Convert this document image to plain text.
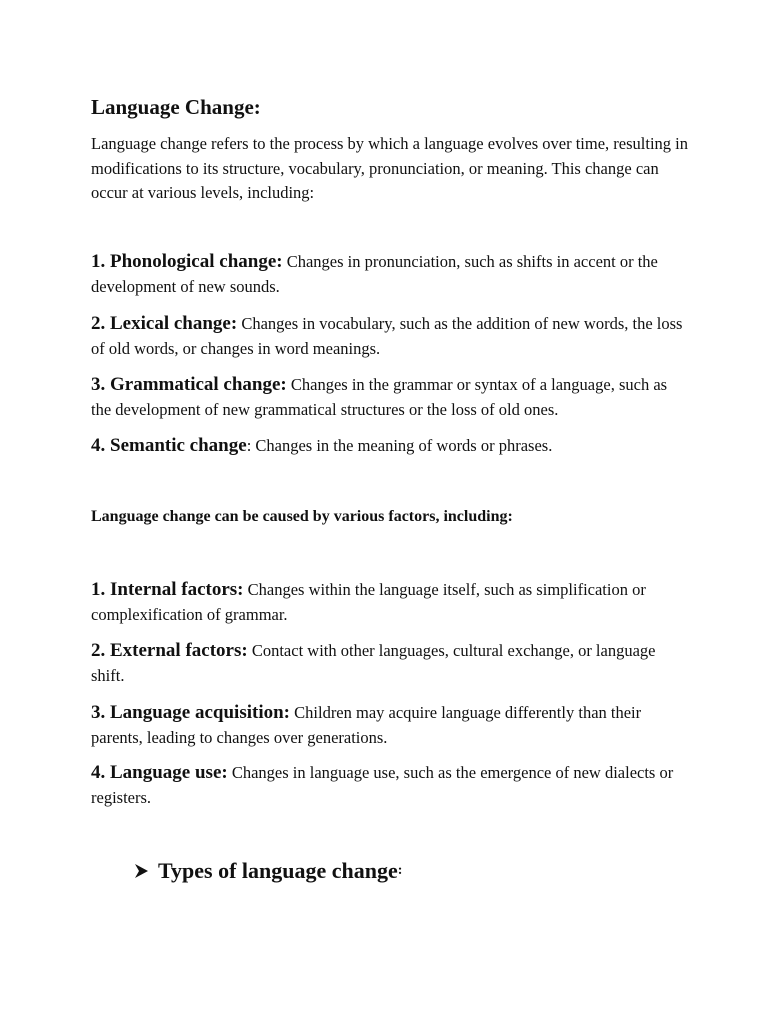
Language Change:

Language change refers to the process by which a language evolves over time, resulting in modifications to its structure, vocabulary, pronunciation, or meaning. This change can occur at various levels, including:

1. Phonological change: Changes in pronunciation, such as shifts in accent or the development of new sounds.

2. Lexical change: Changes in vocabulary, such as the addition of new words, the loss of old words, or changes in word meanings.

3. Grammatical change: Changes in the grammar or syntax of a language, such as the development of new grammatical structures or the loss of old ones.

4. Semantic change: Changes in the meaning of words or phrases.

Language change can be caused by various factors, including:

1. Internal factors: Changes within the language itself, such as simplification or complexification of grammar.

2. External factors: Contact with other languages, cultural exchange, or language shift.

3. Language acquisition: Children may acquire language differently than their parents, leading to changes over generations.

4. Language use: Changes in language use, such as the emergence of new dialects or registers.

Types of language change :
